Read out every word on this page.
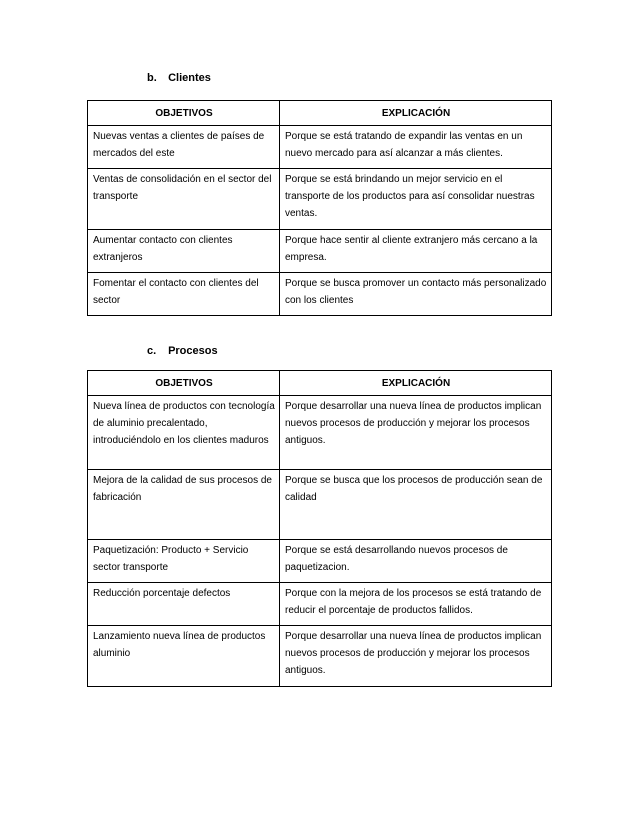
b. Clientes
OBJETIVOS	EXPLICACIÓN
Nuevas ventas a clientes de países de mercados del este	Porque se está tratando de expandir las ventas en un nuevo mercado para así alcanzar a más clientes.
Ventas de consolidación en el sector del transporte	Porque se está brindando un mejor servicio en el transporte de los productos para así consolidar nuestras ventas.
Aumentar contacto con clientes extranjeros	Porque hace sentir al cliente extranjero más cercano a la empresa.
Fomentar el contacto con clientes del sector	Porque se busca promover un contacto más personalizado con los clientes
c. Procesos
OBJETIVOS	EXPLICACIÓN
Nueva línea de productos con tecnología de aluminio precalentado, introduciéndolo en los clientes maduros	Porque desarrollar una nueva línea de productos implican nuevos procesos de producción y mejorar los procesos antiguos.
Mejora de la calidad de sus procesos de fabricación	Porque se busca que los procesos de producción sean de calidad
Paquetización: Producto + Servicio sector transporte	Porque se está desarrollando nuevos procesos de paquetizacion.
Reducción porcentaje defectos	Porque con la mejora de los procesos se está tratando de reducir el porcentaje de productos fallidos.
Lanzamiento nueva línea de productos aluminio	Porque desarrollar una nueva línea de productos implican nuevos procesos de producción y mejorar los procesos antiguos.
